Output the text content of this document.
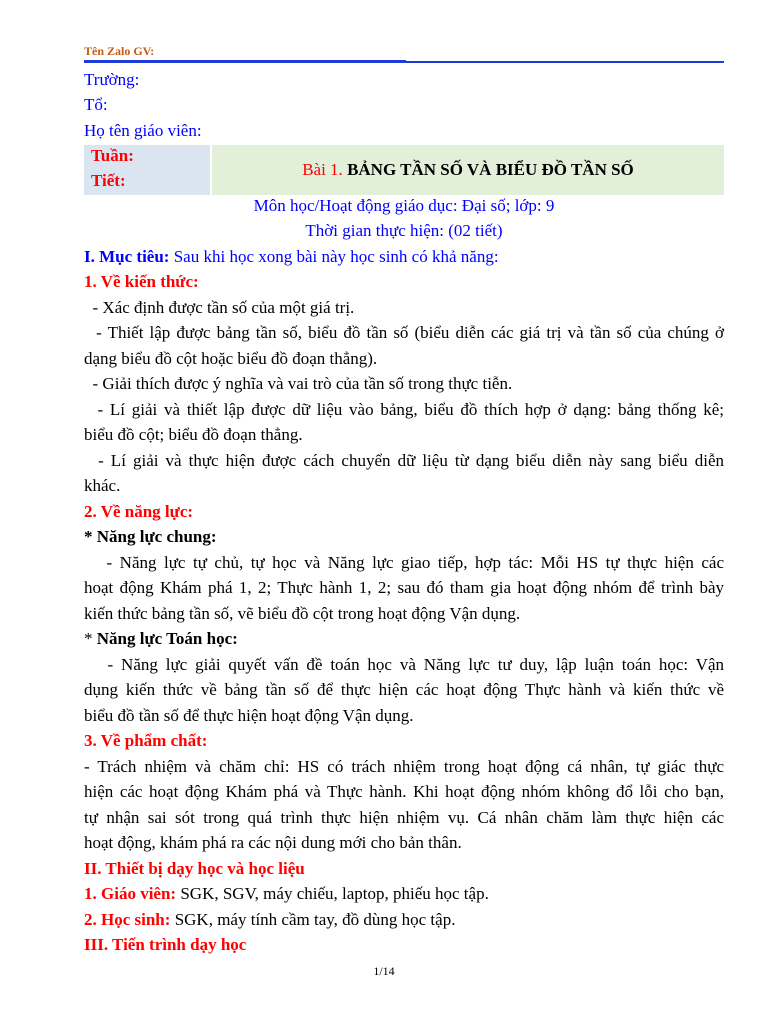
Tên Zalo GV:
Trường:
Tổ:
Họ tên giáo viên:
Tuần:
Tiết:
Bài 1.
BẢNG TẦN SỐ VÀ BIỂU ĐỒ TẦN SỐ
Môn học/Hoạt động giáo dục: Đại số; lớp: 9
Thời gian thực hiện: (02 tiết)
I. Mục tiêu: Sau khi học xong bài này học sinh có khả năng:
1. Về kiến thức:
- Xác định được tần số của một giá trị.
- Thiết lập được bảng tần số, biểu đồ tần số (biểu diễn các giá trị và tần số của chúng ở
dạng biểu đồ cột hoặc biểu đồ đoạn thẳng).
- Giải thích được ý nghĩa và vai trò của tần số trong thực tiễn.
- Lí giải và thiết lập được dữ liệu vào bảng, biểu đồ thích hợp ở dạng: bảng thống kê;
biểu đồ cột; biểu đồ đoạn thẳng.
- Lí giải và thực hiện được cách chuyển dữ liệu từ dạng biểu diễn này sang biểu diễn
khác.
2. Về năng lực:
* Năng lực chung:
- Năng lực tự chủ, tự học và Năng lực giao tiếp, hợp tác: Mỗi HS tự thực hiện các
hoạt động Khám phá 1, 2; Thực hành 1, 2; sau đó tham gia hoạt động nhóm để trình bày
kiến thức bảng tần số, vẽ biểu đồ cột trong hoạt động Vận dụng.
* Năng lực Toán học:
- Năng lực giải quyết vấn đề toán học và Năng lực tư duy, lập luận toán học: Vận
dụng kiến thức về bảng tần số để thực hiện các hoạt động Thực hành và kiến thức về
biểu đồ tần số để thực hiện hoạt động Vận dụng.
3. Về phẩm chất:
- Trách nhiệm và chăm chỉ: HS có trách nhiệm trong hoạt động cá nhân, tự giác thực
hiện các hoạt động Khám phá và Thực hành. Khi hoạt động nhóm không đổ lỗi cho bạn,
tự nhận sai sót trong quá trình thực hiện nhiệm vụ. Cá nhân chăm làm thực hiện các
hoạt động, khám phá ra các nội dung mới cho bản thân.
II. Thiết bị dạy học và học liệu
1. Giáo viên: SGK, SGV, máy chiếu, laptop, phiếu học tập.
2. Học sinh: SGK, máy tính cầm tay, đồ dùng học tập.
III. Tiến trình dạy học
1/14
